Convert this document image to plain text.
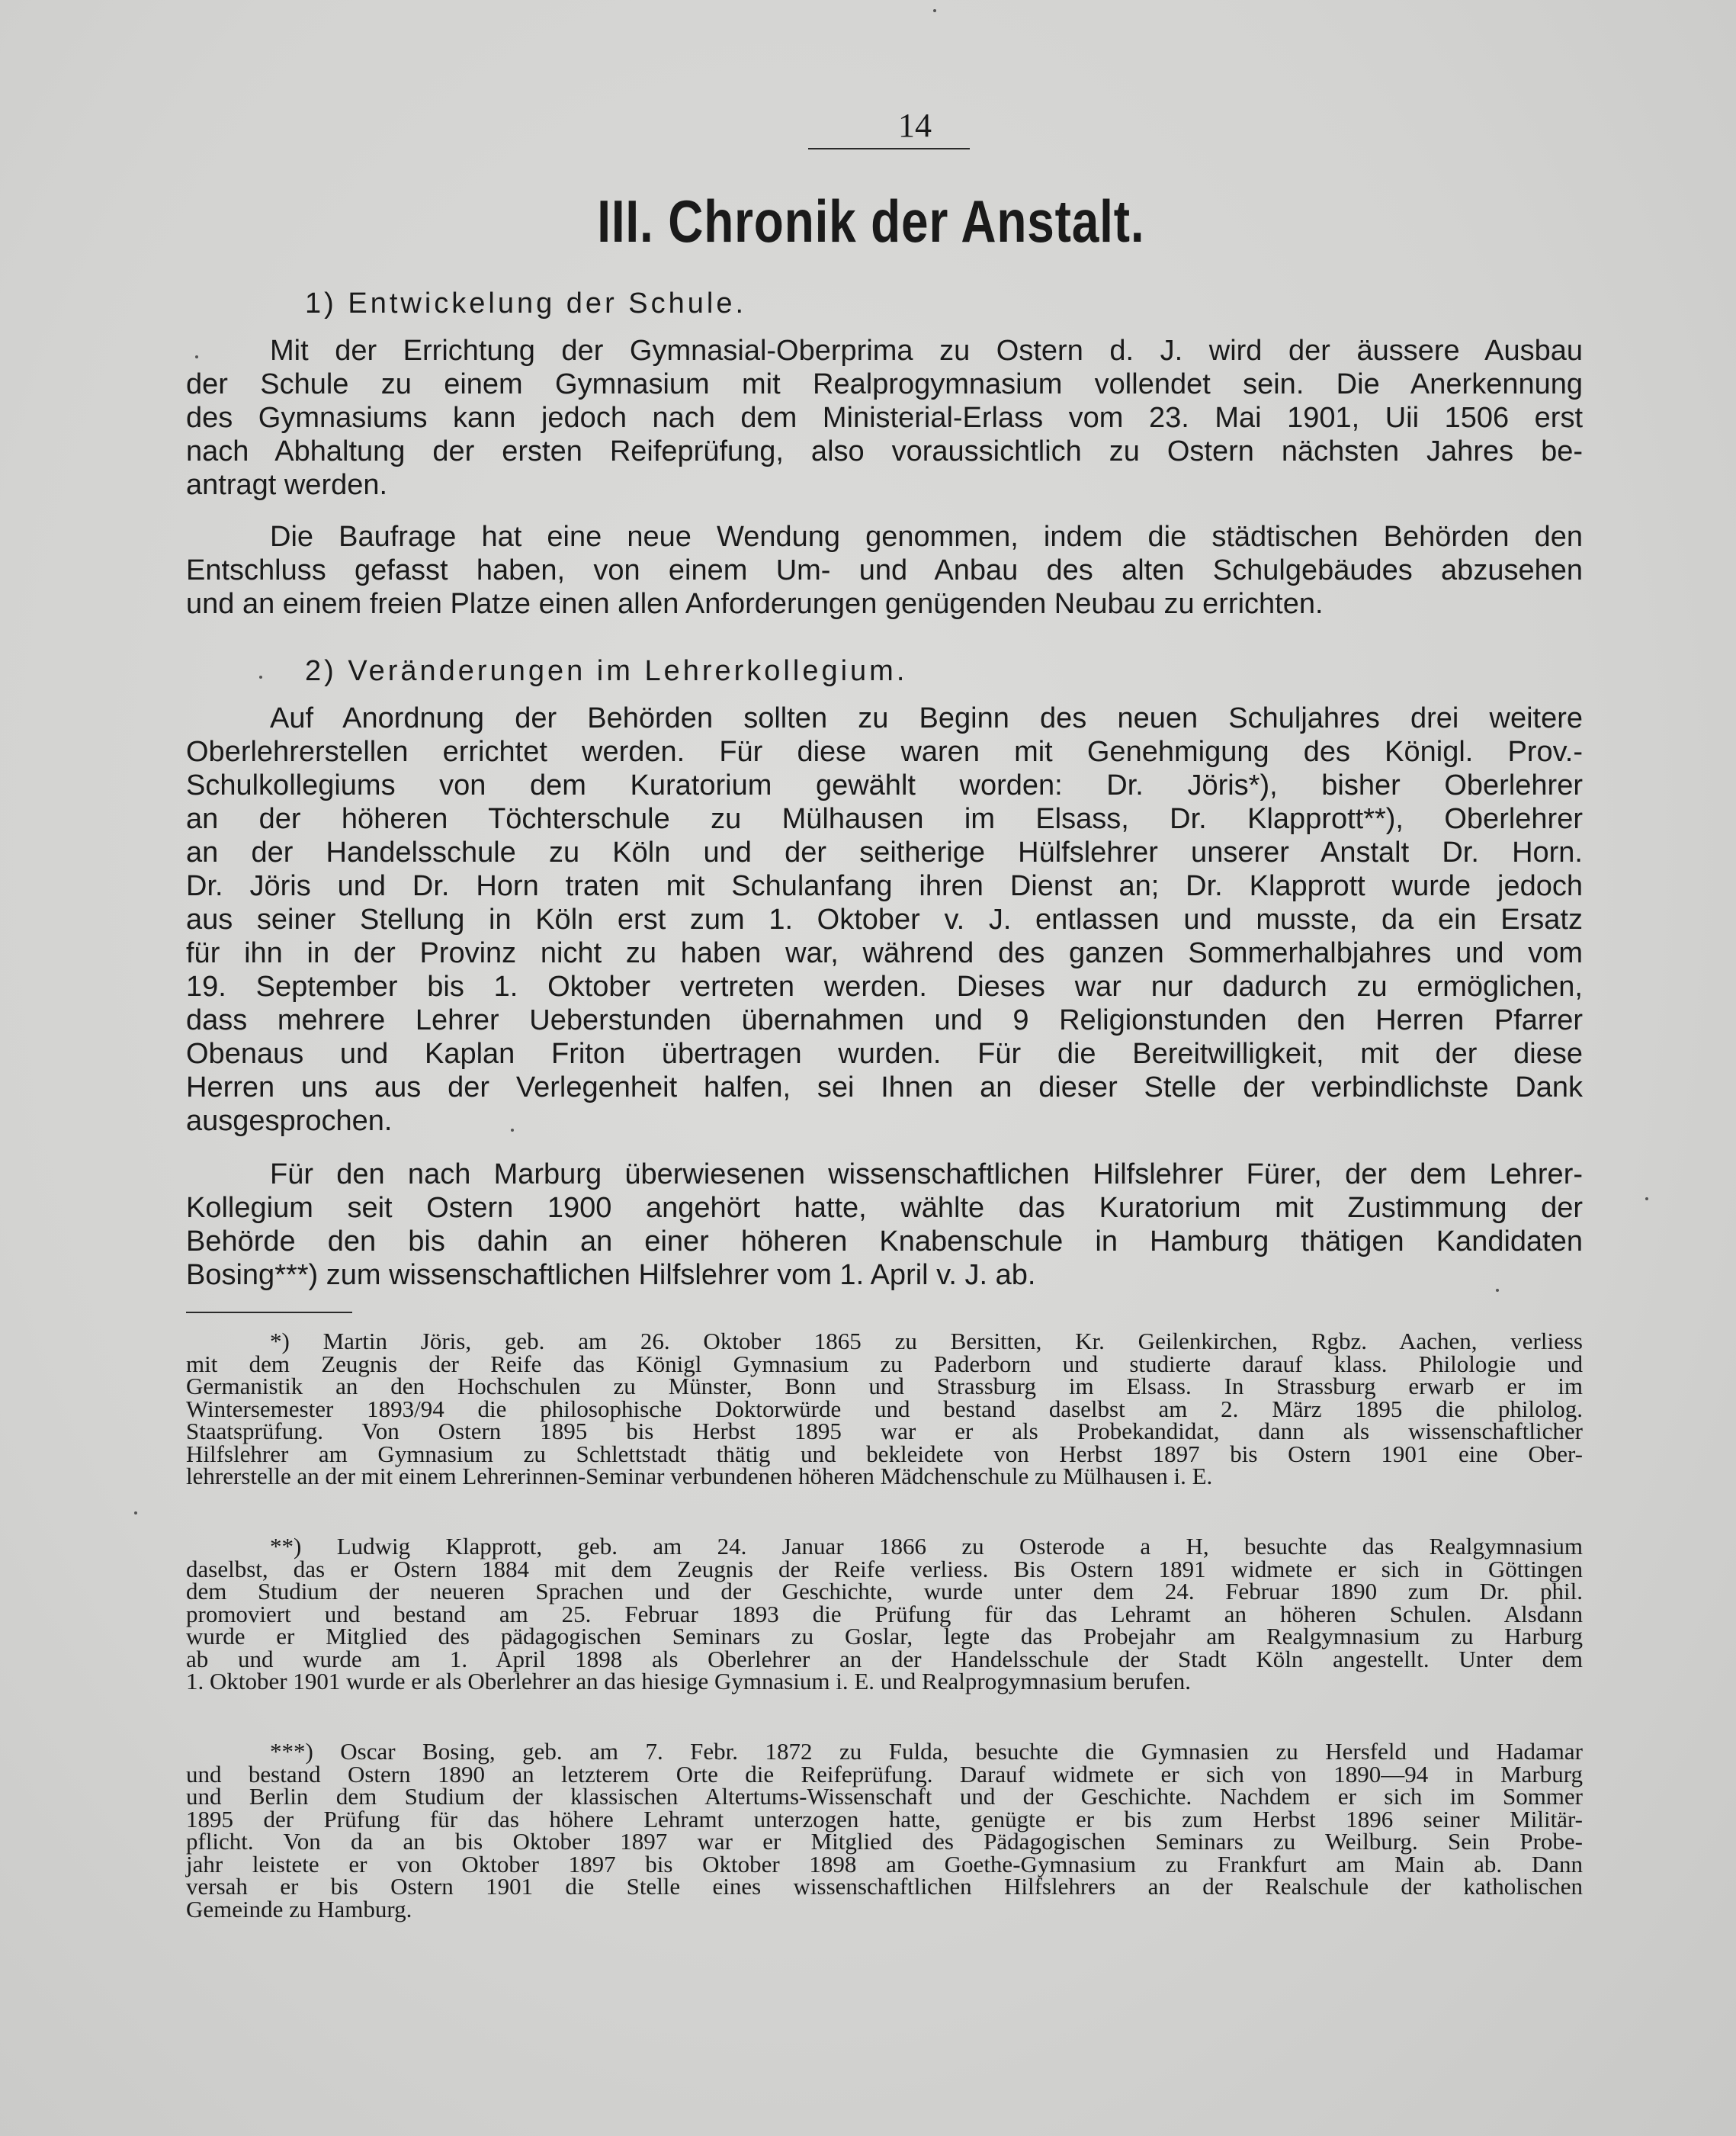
14
III. Chronik der Anstalt.
1) Entwickelung der Schule.
Mit der Errichtung der Gymnasial-Oberprima zu Ostern d. J. wird der äussere Ausbau
der Schule zu einem Gymnasium mit Realprogymnasium vollendet sein. Die Anerkennung
des Gymnasiums kann jedoch nach dem Ministerial-Erlass vom 23. Mai 1901, Uii 1506 erst
nach Abhaltung der ersten Reifeprüfung, also voraussichtlich zu Ostern nächsten Jahres be-
antragt werden.
Die Baufrage hat eine neue Wendung genommen, indem die städtischen Behörden den
Entschluss gefasst haben, von einem Um- und Anbau des alten Schulgebäudes abzusehen
und an einem freien Platze einen allen Anforderungen genügenden Neubau zu errichten.
2) Veränderungen im Lehrerkollegium.
Auf Anordnung der Behörden sollten zu Beginn des neuen Schuljahres drei weitere
Oberlehrerstellen errichtet werden. Für diese waren mit Genehmigung des Königl. Prov.-
Schulkollegiums von dem Kuratorium gewählt worden: Dr. Jöris*), bisher Oberlehrer
an der höheren Töchterschule zu Mülhausen im Elsass, Dr. Klapprott**), Oberlehrer
an der Handelsschule zu Köln und der seitherige Hülfslehrer unserer Anstalt Dr. Horn.
Dr. Jöris und Dr. Horn traten mit Schulanfang ihren Dienst an; Dr. Klapprott wurde jedoch
aus seiner Stellung in Köln erst zum 1. Oktober v. J. entlassen und musste, da ein Ersatz
für ihn in der Provinz nicht zu haben war, während des ganzen Sommerhalbjahres und vom
19. September bis 1. Oktober vertreten werden. Dieses war nur dadurch zu ermöglichen,
dass mehrere Lehrer Ueberstunden übernahmen und 9 Religionstunden den Herren Pfarrer
Obenaus und Kaplan Friton übertragen wurden. Für die Bereitwilligkeit, mit der diese
Herren uns aus der Verlegenheit halfen, sei Ihnen an dieser Stelle der verbindlichste Dank
ausgesprochen.
Für den nach Marburg überwiesenen wissenschaftlichen Hilfslehrer Fürer, der dem Lehrer-
Kollegium seit Ostern 1900 angehört hatte, wählte das Kuratorium mit Zustimmung der
Behörde den bis dahin an einer höheren Knabenschule in Hamburg thätigen Kandidaten
Bosing***) zum wissenschaftlichen Hilfslehrer vom 1. April v. J. ab.
*) Martin Jöris, geb. am 26. Oktober 1865 zu Bersitten, Kr. Geilenkirchen, Rgbz. Aachen, verliess
mit dem Zeugnis der Reife das Königl Gymnasium zu Paderborn und studierte darauf klass. Philologie und
Germanistik an den Hochschulen zu Münster, Bonn und Strassburg im Elsass. In Strassburg erwarb er im
Wintersemester 1893/94 die philosophische Doktorwürde und bestand daselbst am 2. März 1895 die philolog.
Staatsprüfung. Von Ostern 1895 bis Herbst 1895 war er als Probekandidat, dann als wissenschaftlicher
Hilfslehrer am Gymnasium zu Schlettstadt thätig und bekleidete von Herbst 1897 bis Ostern 1901 eine Ober-
lehrerstelle an der mit einem Lehrerinnen-Seminar verbundenen höheren Mädchenschule zu Mülhausen i. E.
**) Ludwig Klapprott, geb. am 24. Januar 1866 zu Osterode a H, besuchte das Realgymnasium
daselbst, das er Ostern 1884 mit dem Zeugnis der Reife verliess. Bis Ostern 1891 widmete er sich in Göttingen
dem Studium der neueren Sprachen und der Geschichte, wurde unter dem 24. Februar 1890 zum Dr. phil.
promoviert und bestand am 25. Februar 1893 die Prüfung für das Lehramt an höheren Schulen. Alsdann
wurde er Mitglied des pädagogischen Seminars zu Goslar, legte das Probejahr am Realgymnasium zu Harburg
ab und wurde am 1. April 1898 als Oberlehrer an der Handelsschule der Stadt Köln angestellt. Unter dem
1. Oktober 1901 wurde er als Oberlehrer an das hiesige Gymnasium i. E. und Realprogymnasium berufen.
***) Oscar Bosing, geb. am 7. Febr. 1872 zu Fulda, besuchte die Gymnasien zu Hersfeld und Hadamar
und bestand Ostern 1890 an letzterem Orte die Reifeprüfung. Darauf widmete er sich von 1890—94 in Marburg
und Berlin dem Studium der klassischen Altertums-Wissenschaft und der Geschichte. Nachdem er sich im Sommer
1895 der Prüfung für das höhere Lehramt unterzogen hatte, genügte er bis zum Herbst 1896 seiner Militär-
pflicht. Von da an bis Oktober 1897 war er Mitglied des Pädagogischen Seminars zu Weilburg. Sein Probe-
jahr leistete er von Oktober 1897 bis Oktober 1898 am Goethe-Gymnasium zu Frankfurt am Main ab. Dann
versah er bis Ostern 1901 die Stelle eines wissenschaftlichen Hilfslehrers an der Realschule der katholischen
Gemeinde zu Hamburg.
